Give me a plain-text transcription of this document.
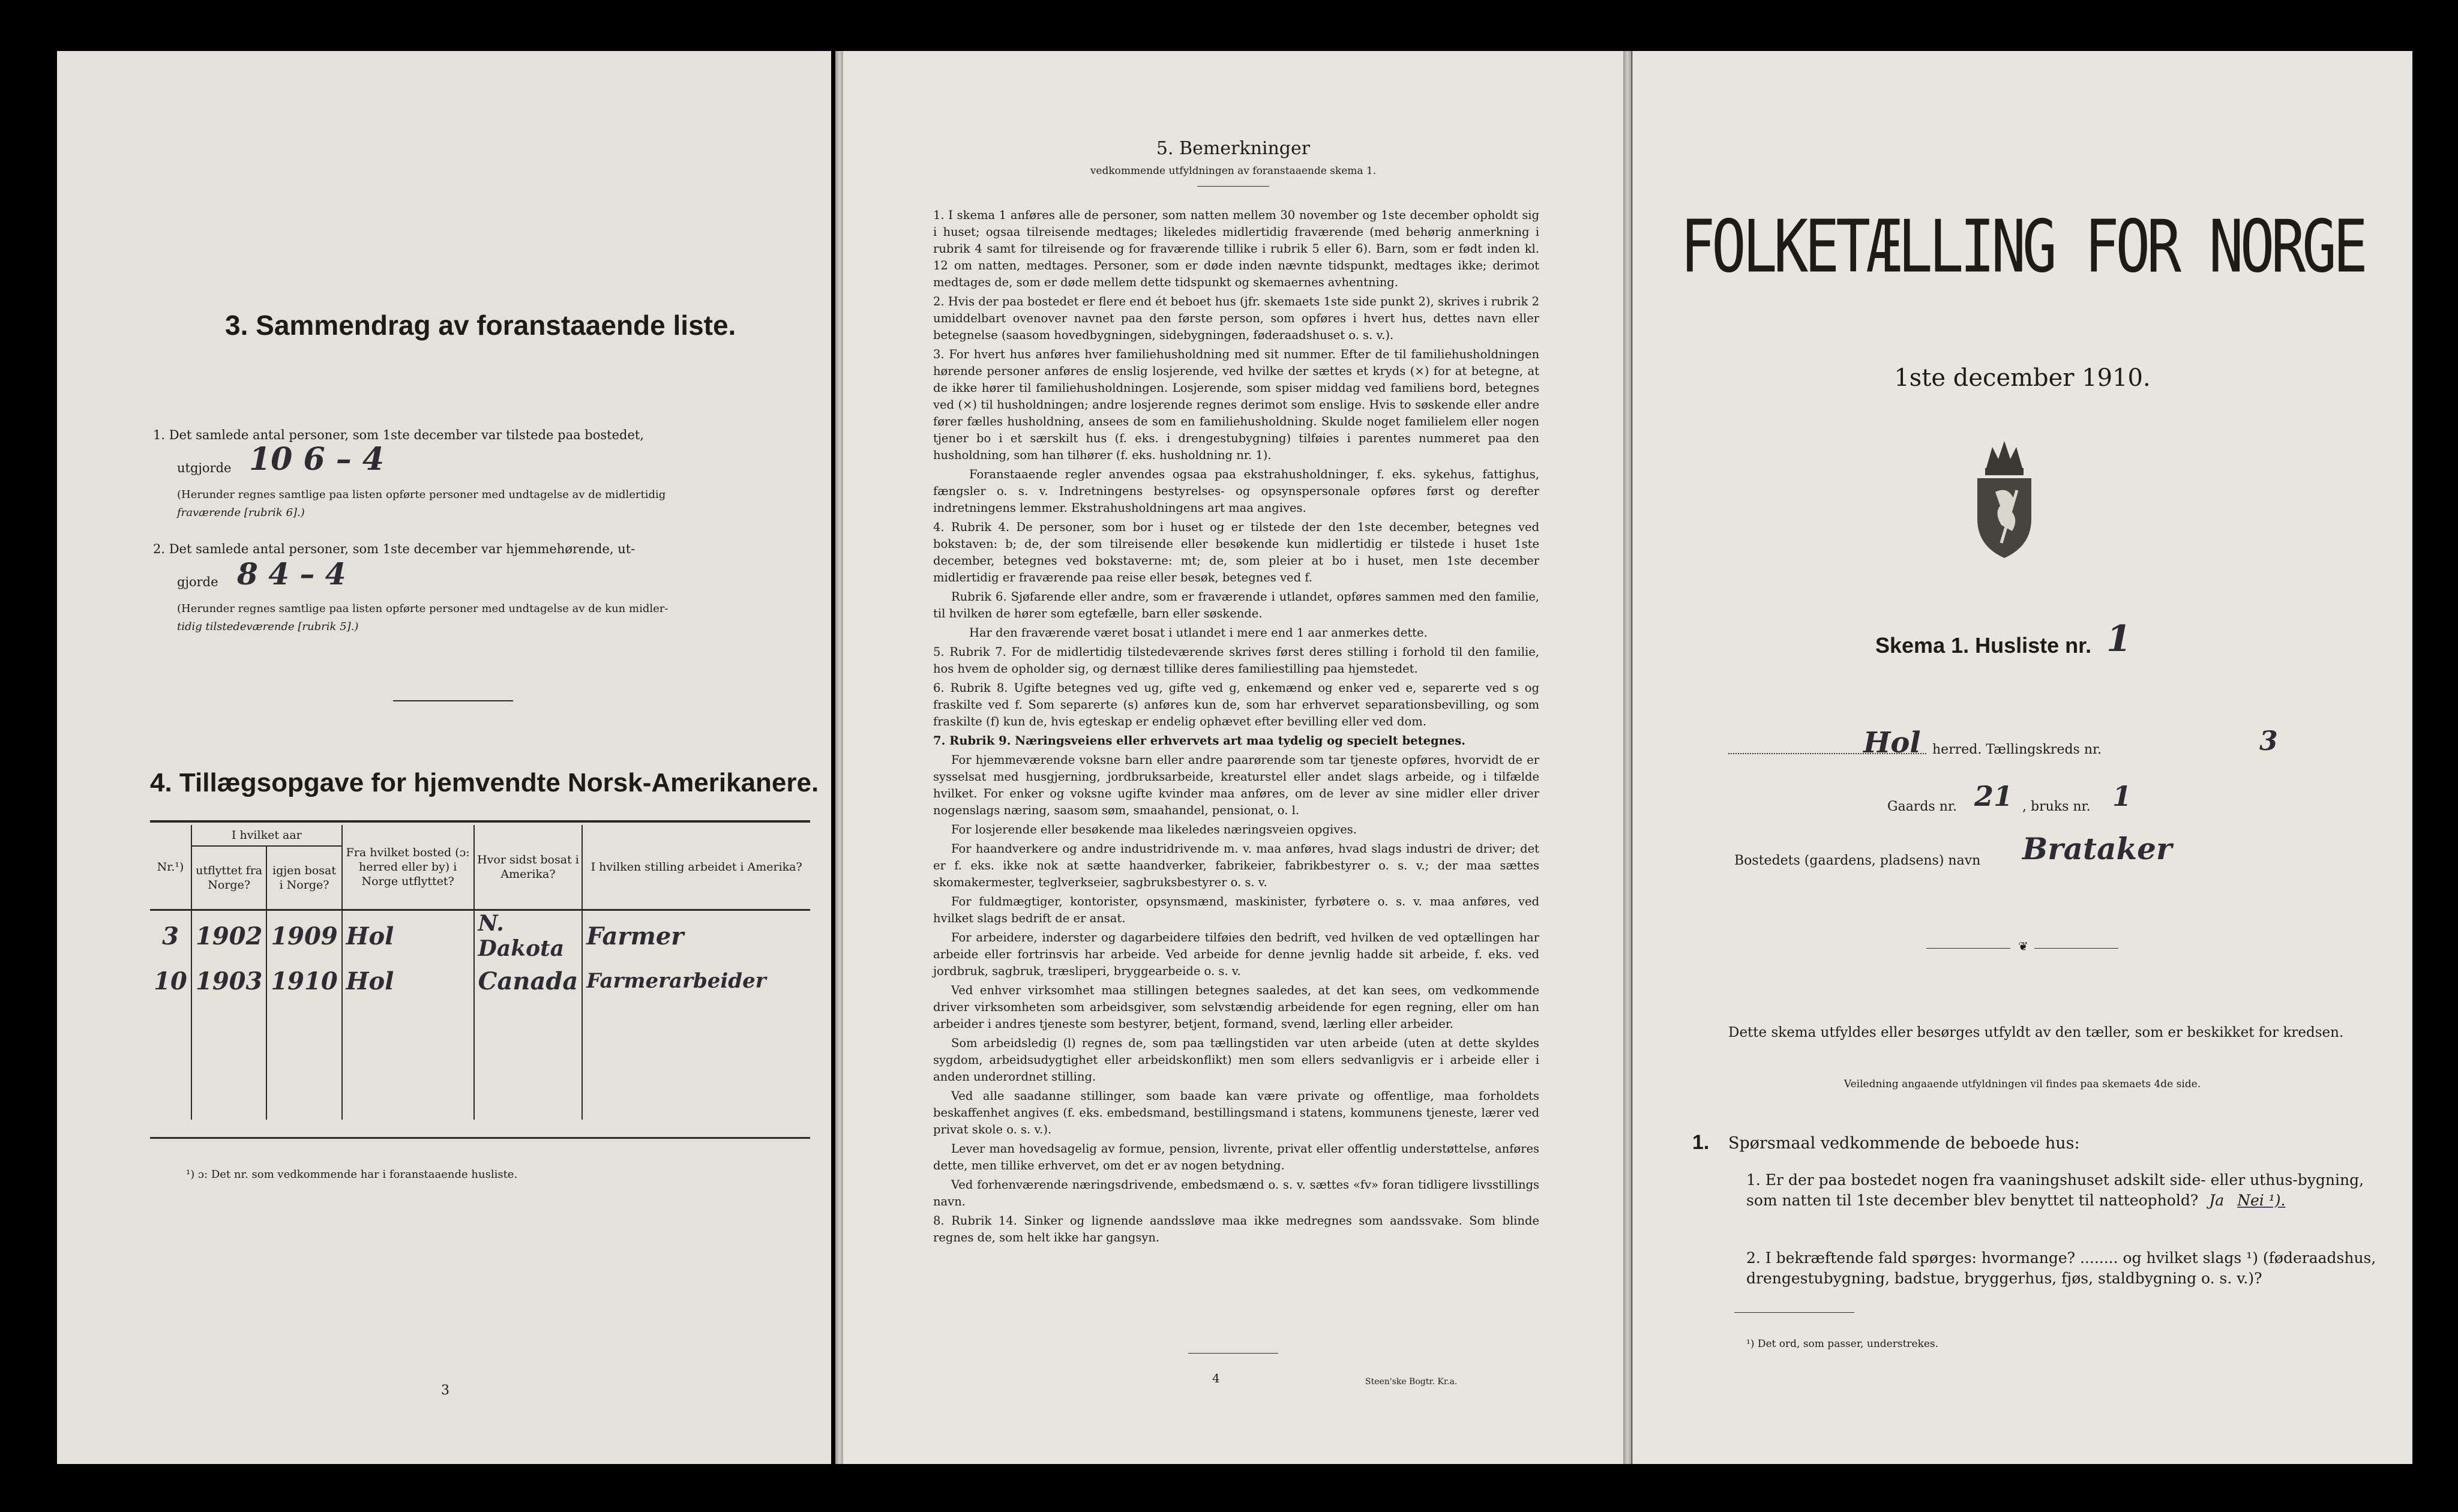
3. Sammendrag av foranstaaende liste.
1. Det samlede antal personer, som 1ste december var tilstede paa bostedet,
utgjorde 10 6 – 4
(Herunder regnes samtlige paa listen opførte personer med undtagelse av de midlertidig
fraværende [rubrik 6].)
2. Det samlede antal personer, som 1ste december var hjemmehørende, ut-
gjorde 8 4 – 4
(Herunder regnes samtlige paa listen opførte personer med undtagelse av de kun midler-
tidig tilstedeværende [rubrik 5].)
4. Tillægsopgave for hjemvendte Norsk-Amerikanere.
Nr.¹)	I hvilket aar		Fra hvilket bosted (ɔ: herred eller by) i Norge utflyttet?	Hvor sidst bosat i Amerika?	I hvilken stilling arbeidet i Amerika?
	utflyttet fra Norge?	igjen bosat i Norge?			
3	1902	1909	Hol	N. Dakota	Farmer
10	1903	1910	Hol	Canada	Farmerarbeider

¹) ɔ: Det nr. som vedkommende har i foranstaaende husliste.
3
5. Bemerkninger
vedkommende utfyldningen av foranstaaende skema 1.

1. I skema 1 anføres alle de personer, som natten mellem 30 november og 1ste december opholdt sig i huset; ogsaa tilreisende medtages; likeledes midlertidig fraværende (med behørig anmerkning i rubrik 4 samt for tilreisende og for fraværende tillike i rubrik 5 eller 6). Barn, som er født inden kl. 12 om natten, medtages. Personer, som er døde inden nævnte tidspunkt, medtages ikke; derimot medtages de, som er døde mellem dette tidspunkt og skemaernes avhentning.

2. Hvis der paa bostedet er flere end ét beboet hus (jfr. skemaets 1ste side punkt 2), skrives i rubrik 2 umiddelbart ovenover navnet paa den første person, som opføres i hvert hus, dettes navn eller betegnelse (saasom hovedbygningen, sidebygningen, føderaadshuset o. s. v.).

3. For hvert hus anføres hver familiehusholdning med sit nummer. Efter de til familiehusholdningen hørende personer anføres de enslig losjerende, ved hvilke der sættes et kryds (×) for at betegne, at de ikke hører til familiehusholdningen. Losjerende, som spiser middag ved familiens bord, betegnes ved (×) til husholdningen; andre losjerende regnes derimot som enslige. Hvis to søskende eller andre fører fælles husholdning, ansees de som en familiehusholdning. Skulde noget familielem eller nogen tjener bo i et særskilt hus (f. eks. i drengestubygning) tilføies i parentes nummeret paa den husholdning, som han tilhører (f. eks. husholdning nr. 1).

Foranstaaende regler anvendes ogsaa paa ekstrahusholdninger, f. eks. sykehus, fattighus, fængsler o. s. v. Indretningens bestyrelses- og opsynspersonale opføres først og derefter indretningens lemmer. Ekstrahusholdningens art maa angives.

4. Rubrik 4. De personer, som bor i huset og er tilstede der den 1ste december, betegnes ved bokstaven: b; de, der som tilreisende eller besøkende kun midlertidig er tilstede i huset 1ste december, betegnes ved bokstaverne: mt; de, som pleier at bo i huset, men 1ste december midlertidig er fraværende paa reise eller besøk, betegnes ved f.

Rubrik 6. Sjøfarende eller andre, som er fraværende i utlandet, opføres sammen med den familie, til hvilken de hører som egtefælle, barn eller søskende.

Har den fraværende været bosat i utlandet i mere end 1 aar anmerkes dette.

5. Rubrik 7. For de midlertidig tilstedeværende skrives først deres stilling i forhold til den familie, hos hvem de opholder sig, og dernæst tillike deres familiestilling paa hjemstedet.

6. Rubrik 8. Ugifte betegnes ved ug, gifte ved g, enkemænd og enker ved e, separerte ved s og fraskilte ved f. Som separerte (s) anføres kun de, som har erhvervet separationsbevilling, og som fraskilte (f) kun de, hvis egteskap er endelig ophævet efter bevilling eller ved dom.

7. Rubrik 9. Næringsveiens eller erhvervets art maa tydelig og specielt betegnes.

For hjemmeværende voksne barn eller andre paarørende som tar tjeneste opføres, hvorvidt de er sysselsat med husgjerning, jordbruksarbeide, kreaturstel eller andet slags arbeide, og i tilfælde hvilket. For enker og voksne ugifte kvinder maa anføres, om de lever av sine midler eller driver nogenslags næring, saasom søm, smaahandel, pensionat, o. l.

For losjerende eller besøkende maa likeledes næringsveien opgives.

For haandverkere og andre industridrivende m. v. maa anføres, hvad slags industri de driver; det er f. eks. ikke nok at sætte haandverker, fabrikeier, fabrikbestyrer o. s. v.; der maa sættes skomakermester, teglverkseier, sagbruksbestyrer o. s. v.

For fuldmægtiger, kontorister, opsynsmænd, maskinister, fyrbøtere o. s. v. maa anføres, ved hvilket slags bedrift de er ansat.

For arbeidere, inderster og dagarbeidere tilføies den bedrift, ved hvilken de ved optællingen har arbeide eller fortrinsvis har arbeide. Ved arbeide for denne jevnlig hadde sit arbeide, f. eks. ved jordbruk, sagbruk, træsliperi, bryggearbeide o. s. v.

Ved enhver virksomhet maa stillingen betegnes saaledes, at det kan sees, om vedkommende driver virksomheten som arbeidsgiver, som selvstændig arbeidende for egen regning, eller om han arbeider i andres tjeneste som bestyrer, betjent, formand, svend, lærling eller arbeider.

Som arbeidsledig (l) regnes de, som paa tællingstiden var uten arbeide (uten at dette skyldes sygdom, arbeidsudygtighet eller arbeidskonflikt) men som ellers sedvanligvis er i arbeide eller i anden underordnet stilling.

Ved alle saadanne stillinger, som baade kan være private og offentlige, maa forholdets beskaffenhet angives (f. eks. embedsmand, bestillingsmand i statens, kommunens tjeneste, lærer ved privat skole o. s. v.).

Lever man hovedsagelig av formue, pension, livrente, privat eller offentlig understøttelse, anføres dette, men tillike erhvervet, om det er av nogen betydning.

Ved forhenværende næringsdrivende, embedsmænd o. s. v. sættes «fv» foran tidligere livsstillings navn.

8. Rubrik 14. Sinker og lignende aandssløve maa ikke medregnes som aandssvake. Som blinde regnes de, som helt ikke har gangsyn.

4	Steen'ske Bogtr. Kr.a.
FOLKETÆLLING FOR NORGE
1ste december 1910.
Skema 1. Husliste nr. 1
Hol herred. Tællingskreds nr.	3
Gaards nr. 21 , bruks nr. 1
Bostedets (gaardens, pladsens) navn Brataker
❦
Dette skema utfyldes eller besørges utfyldt av den tæller, som er beskikket for kredsen.
Veiledning angaaende utfyldningen vil findes paa skemaets 4de side.
1. Spørsmaal vedkommende de beboede hus:
1. Er der paa bostedet nogen fra vaaningshuset adskilt side- eller uthus-bygning, som natten til 1ste december blev benyttet til natteophold? Ja Nei ¹).
2. I bekræftende fald spørges: hvormange? ........ og hvilket slags ¹) (føderaadshus, drengestubygning, badstue, bryggerhus, fjøs, staldbygning o. s. v.)?
¹) Det ord, som passer, understrekes.
